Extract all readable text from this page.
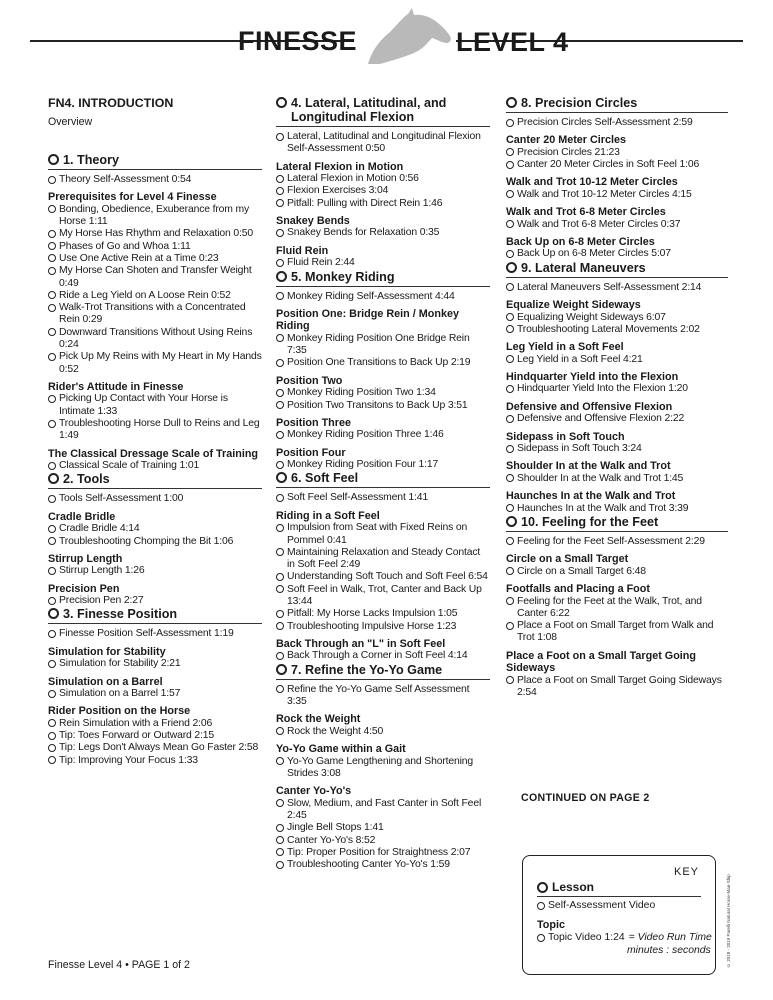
FINESSE	LEVEL 4
FN4. INTRODUCTION
Overview
1. Theory
Theory Self-Assessment 0:54
Prerequisites for Level 4 Finesse
Bonding, Obedience, Exuberance from my Horse 1:11
My Horse Has Rhythm and Relaxation 0:50
Phases of Go and Whoa 1:11
Use One Active Rein at a Time 0:23
My Horse Can Shoten and Transfer Weight 0:49
Ride a Leg Yield on A Loose Rein 0:52
Walk-Trot Transitions with a Concentrated Rein 0:29
Downward Transitions Without Using Reins 0:24
Pick Up My Reins with My Heart in My Hands 0:52
Rider's Attitude in Finesse
Picking Up Contact with Your Horse is Intimate 1:33
Troubleshooting Horse Dull to Reins and Leg 1:49
The Classical Dressage Scale of Training
Classical Scale of Training 1:01
2. Tools
Tools Self-Assessment 1:00
Cradle Bridle
Cradle Bridle 4:14
Troubleshooting Chomping the Bit 1:06
Stirrup Length
Stirrup Length 1:26
Precision Pen
Precision Pen 2:27
3. Finesse Position
Finesse Position Self-Assessment 1:19
Simulation for Stability
Simulation for Stability 2:21
Simulation on a Barrel
Simulation on a Barrel 1:57
Rider Position on the Horse
Rein Simulation with a Friend 2:06
Tip: Toes Forward or Outward 2:15
Tip: Legs Don't Always Mean Go Faster 2:58
Tip: Improving Your Focus 1:33
4. Lateral, Latitudinal, and Longitudinal Flexion
Lateral, Latitudinal and Longitudinal Flexion Self-Assessment 0:50
Lateral Flexion in Motion
Lateral Flexion in Motion 0:56
Flexion Exercises 3:04
Pitfall: Pulling with Direct Rein 1:46
Snakey Bends
Snakey Bends for Relaxation 0:35
Fluid Rein
Fluid Rein 2:44
5. Monkey Riding
Monkey Riding Self-Assessment 4:44
Position One: Bridge Rein / Monkey Riding
Monkey Riding Position One Bridge Rein 7:35
Position One Transitions to Back Up 2:19
Position Two
Monkey Riding Position Two 1:34
Position Two Transitons to Back Up 3:51
Position Three
Monkey Riding Position Three 1:46
Position Four
Monkey Riding Position Four 1:17
6. Soft Feel
Soft Feel Self-Assessment 1:41
Riding in a Soft Feel
Impulsion from Seat with Fixed Reins on Pommel 0:41
Maintaining Relaxation and Steady Contact in Soft Feel 2:49
Understanding Soft Touch and Soft Feel 6:54
Soft Feel in Walk, Trot, Canter and Back Up 13:44
Pitfall: My Horse Lacks Impulsion 1:05
Troubleshooting Impulsive Horse 1:23
Back Through an "L" in Soft Feel
Back Through a Corner in Soft Feel 4:14
7. Refine the Yo-Yo Game
Refine the Yo-Yo Game Self Assessment 3:35
Rock the Weight
Rock the Weight 4:50
Yo-Yo Game within a Gait
Yo-Yo Game Lengthening and Shortening Strides 3:08
Canter Yo-Yo's
Slow, Medium, and Fast Canter in Soft Feel 2:45
Jingle Bell Stops 1:41
Canter Yo-Yo's 8:52
Tip: Proper Position for Straightness 2:07
Troubleshooting Canter Yo-Yo's 1:59
8. Precision Circles
Precision Circles Self-Assessment 2:59
Canter 20 Meter Circles
Precision Circles 21:23
Canter 20 Meter Circles in Soft Feel 1:06
Walk and Trot 10-12 Meter Circles
Walk and Trot 10-12 Meter Circles 4:15
Walk and Trot 6-8 Meter Circles
Walk and Trot 6-8 Meter Circles 0:37
Back Up on 6-8 Meter Circles
Back Up on 6-8 Meter Circles 5:07
9. Lateral Maneuvers
Lateral Maneuvers Self-Assessment 2:14
Equalize Weight Sideways
Equalizing Weight Sideways 6:07
Troubleshooting Lateral Movements 2:02
Leg Yield in a Soft Feel
Leg Yield in a Soft Feel 4:21
Hindquarter Yield into the Flexion
Hindquarter Yield Into the Flexion 1:20
Defensive and Offensive Flexion
Defensive and Offensive Flexion 2:22
Sidepass in Soft Touch
Sidepass in Soft Touch 3:24
Shoulder In at the Walk and Trot
Shoulder In at the Walk and Trot 1:45
Haunches In at the Walk and Trot
Haunches In at the Walk and Trot 3:39
10. Feeling for the Feet
Feeling for the Feet Self-Assessment 2:29
Circle on a Small Target
Circle on a Small Target 6:48
Footfalls and Placing a Foot
Feeling for the Feet at the Walk, Trot, and Canter 6:22
Place a Foot on Small Target from Walk and Trot 1:08
Place a Foot on a Small Target Going Sideways
Place a Foot on Small Target Going Sideways 2:54
CONTINUED ON PAGE 2
KEY
Lesson
Self-Assessment Video
Topic
Topic Video 1:24 = Video Run Time
minutes : seconds	© 2018 - 2019 Parelli Natural Horse-Man-Ship
Finesse Level 4 • PAGE 1 of 2
